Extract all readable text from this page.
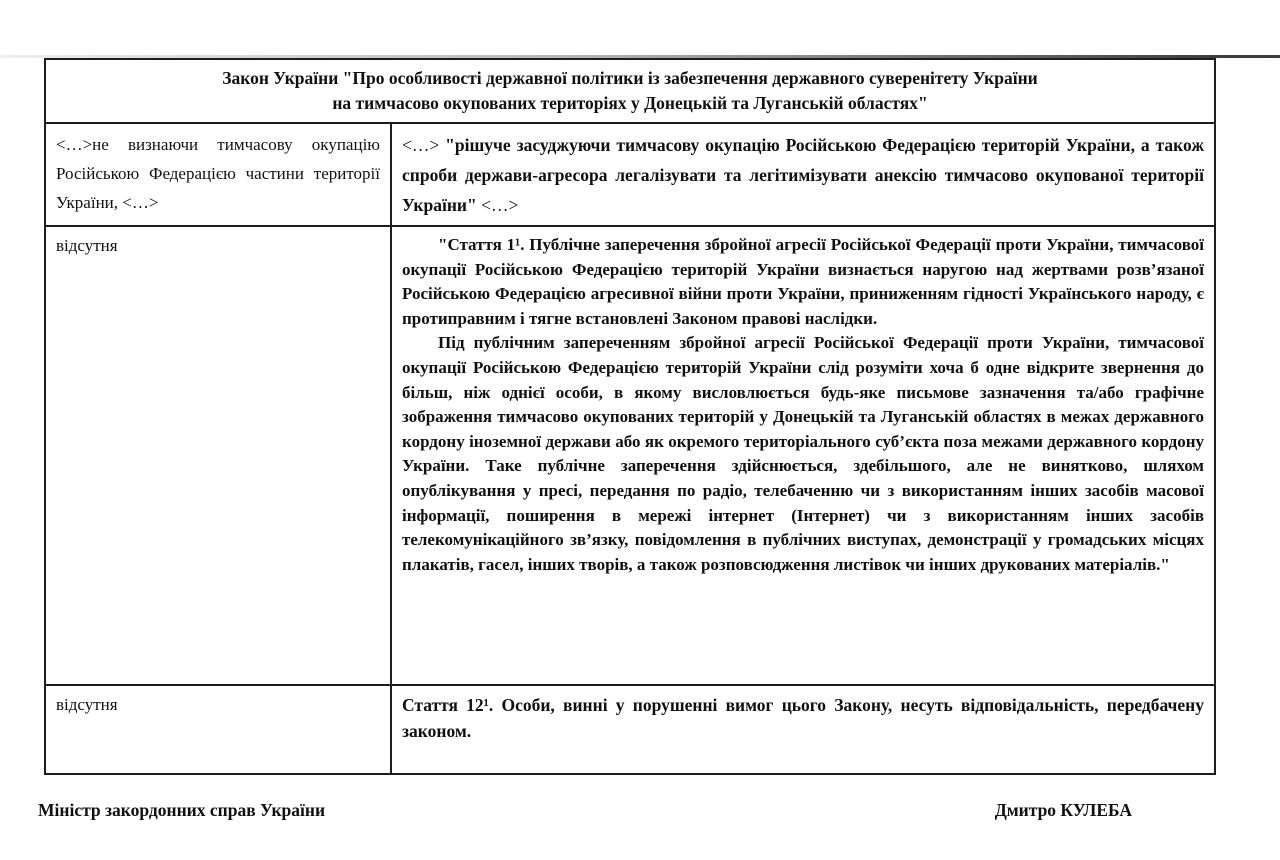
Закон України "Про особливості державної політики із забезпечення державного суверенітету України
на тимчасово окупованих територіях у Донецькій та Луганській областях"	

<…>не визнаючи тимчасову окупацію Російською Федерацією частини території України, <…>	<…> "рішуче засуджуючи тимчасову окупацію Російською Федерацією територій України, а також спроби держави-агресора легалізувати та легітимізувати анексію тимчасово окупованої території України" <…>
відсутня	"Стаття 1¹. Публічне заперечення збройної агресії Російської Федерації проти України, тимчасової окупації Російською Федерацією територій України визнається наругою над жертвами розв’язаної Російською Федерацією агресивної війни проти України, приниженням гідності Українського народу, є протиправним і тягне встановлені Законом правові наслідки.

Під публічним запереченням збройної агресії Російської Федерації проти України, тимчасової окупації Російською Федерацією територій України слід розуміти хоча б одне відкрите звернення до більш, ніж однієї особи, в якому висловлюється будь-яке письмове зазначення та/або графічне зображення тимчасово окупованих територій у Донецькій та Луганській областях в межах державного кордону іноземної держави або як окремого територіального суб’єкта поза межами державного кордону України. Таке публічне заперечення здійснюється, здебільшого, але не винятково, шляхом опублікування у пресі, передання по радіо, телебаченню чи з використанням інших засобів масової інформації, поширення в мережі інтернет (Інтернет) чи з використанням інших засобів телекомунікаційного зв’язку, повідомлення в публічних виступах, демонстрації у громадських місцях плакатів, гасел, інших творів, а також розповсюдження листівок чи інших друкованих матеріалів."

відсутня	Стаття 12¹. Особи, винні у порушенні вимог цього Закону, несуть відповідальність, передбачену законом.
Міністр закордонних справ України	Дмитро КУЛЕБА
